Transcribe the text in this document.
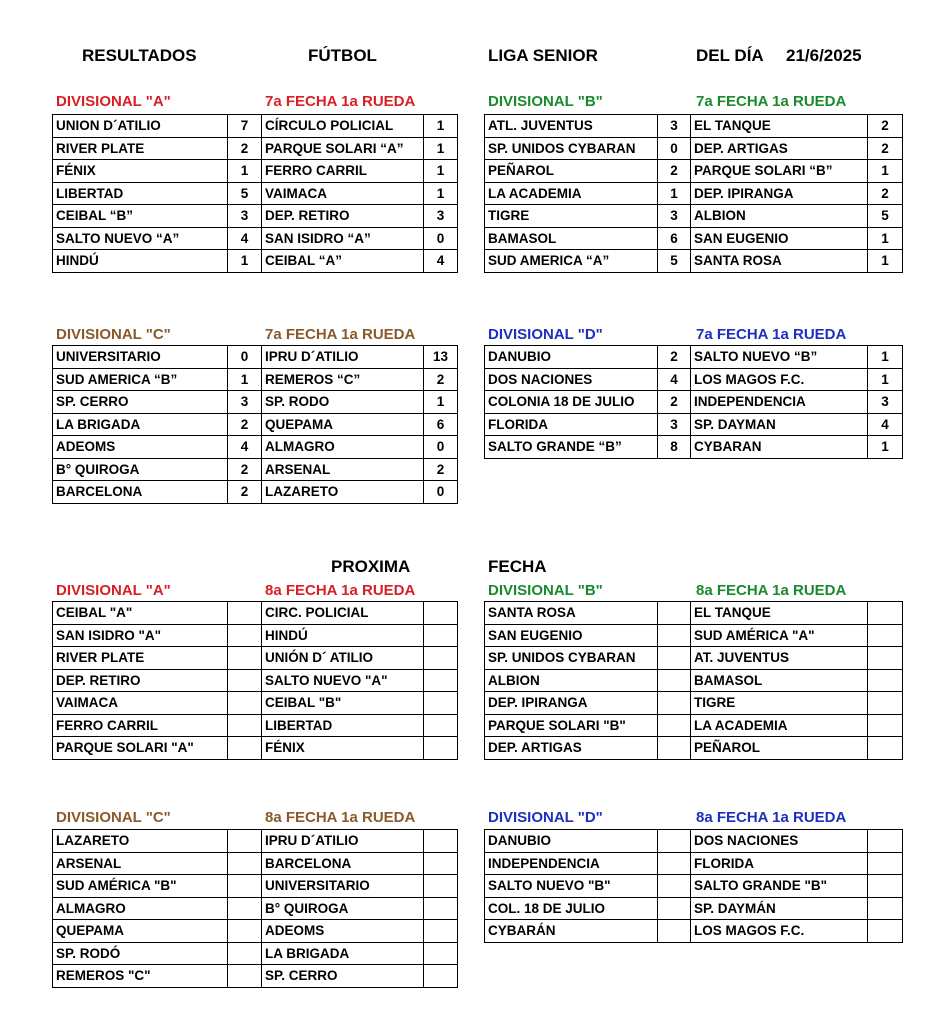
RESULTADOS	FÚTBOL	LIGA SENIOR	DEL DÍA 21/6/2025
DIVISIONAL "A"	7a FECHA 1a RUEDA
UNION D´ATILIO	7	CÍRCULO POLICIAL	1
RIVER PLATE	2	PARQUE SOLARI “A”	1
FÉNIX	1	FERRO CARRIL	1
LIBERTAD	5	VAIMACA	1
CEIBAL “B”	3	DEP. RETIRO	3
SALTO NUEVO “A”	4	SAN ISIDRO “A”	0
HINDÚ	1	CEIBAL “A”	4
DIVISIONAL "B"	7a FECHA 1a RUEDA
ATL. JUVENTUS	3	EL TANQUE	2
SP. UNIDOS CYBARAN	0	DEP. ARTIGAS	2
PEÑAROL	2	PARQUE SOLARI “B”	1
LA ACADEMIA	1	DEP. IPIRANGA	2
TIGRE	3	ALBION	5
BAMASOL	6	SAN EUGENIO	1
SUD AMERICA “A”	5	SANTA ROSA	1
DIVISIONAL "C"	7a FECHA 1a RUEDA
UNIVERSITARIO	0	IPRU D´ATILIO	13
SUD AMERICA “B”	1	REMEROS “C”	2
SP. CERRO	3	SP. RODO	1
LA BRIGADA	2	QUEPAMA	6
ADEOMS	4	ALMAGRO	0
B° QUIROGA	2	ARSENAL	2
BARCELONA	2	LAZARETO	0
DIVISIONAL "D"	7a FECHA 1a RUEDA
DANUBIO	2	SALTO NUEVO “B”	1
DOS NACIONES	4	LOS MAGOS F.C.	1
COLONIA 18 DE JULIO	2	INDEPENDENCIA	3
FLORIDA	3	SP. DAYMAN	4
SALTO GRANDE “B”	8	CYBARAN	1
PROXIMA	FECHA
DIVISIONAL "A"	8a FECHA 1a RUEDA
CEIBAL "A"		CIRC. POLICIAL	
SAN ISIDRO "A"		HINDÚ	
RIVER PLATE		UNIÓN D´ ATILIO	
DEP. RETIRO		SALTO NUEVO "A"	
VAIMACA		CEIBAL "B"	
FERRO CARRIL		LIBERTAD	
PARQUE SOLARI "A"		FÉNIX	
DIVISIONAL "B"	8a FECHA 1a RUEDA
SANTA ROSA		EL TANQUE	
SAN EUGENIO		SUD AMÉRICA "A"	
SP. UNIDOS CYBARAN		AT. JUVENTUS	
ALBION		BAMASOL	
DEP. IPIRANGA		TIGRE	
PARQUE SOLARI "B"		LA ACADEMIA	
DEP. ARTIGAS		PEÑAROL	
DIVISIONAL "C"	8a FECHA 1a RUEDA
LAZARETO		IPRU D´ATILIO	
ARSENAL		BARCELONA	
SUD AMÉRICA "B"		UNIVERSITARIO	
ALMAGRO		B° QUIROGA	
QUEPAMA		ADEOMS	
SP. RODÓ		LA BRIGADA	
REMEROS "C"		SP. CERRO	
DIVISIONAL "D"	8a FECHA 1a RUEDA
DANUBIO		DOS NACIONES	
INDEPENDENCIA		FLORIDA	
SALTO NUEVO "B"		SALTO GRANDE "B"	
COL. 18 DE JULIO		SP. DAYMÁN	
CYBARÁN		LOS MAGOS F.C.	
